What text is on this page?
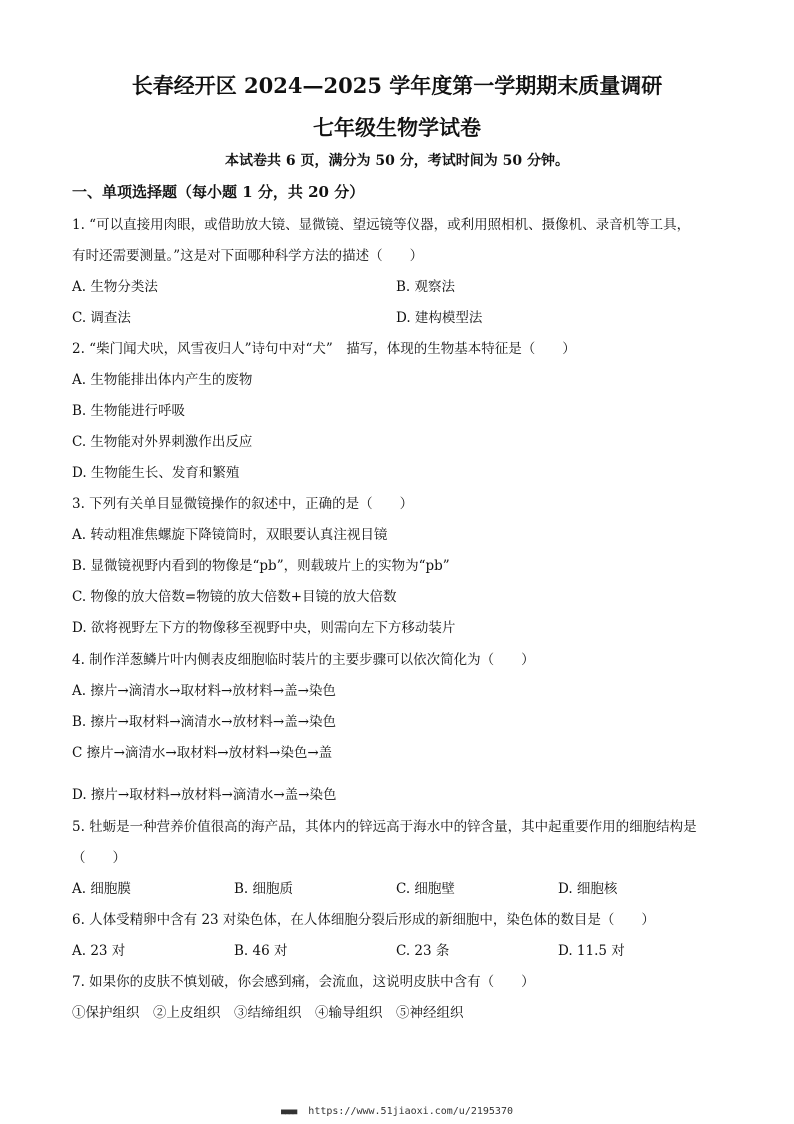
长春经开区 2024—2025 学年度第一学期期末质量调研
七年级生物学试卷
本试卷共 6 页，满分为 50 分，考试时间为 50 分钟。
一、单项选择题（每小题 1 分，共 20 分）
1. “可以直接用肉眼，或借助放大镜、显微镜、望远镜等仪器，或利用照相机、摄像机、录音机等工具，
有时还需要测量。”这是对下面哪种科学方法的描述（　　）
A. 生物分类法	B. 观察法
C. 调查法	D. 建构模型法
2. “柴门闻犬吠，风雪夜归人”诗句中对“犬”　描写，体现的生物基本特征是（　　）
A. 生物能排出体内产生的废物
B. 生物能进行呼吸
C. 生物能对外界刺激作出反应
D. 生物能生长、发育和繁殖
3. 下列有关单目显微镜操作的叙述中，正确的是（　　）
A. 转动粗准焦螺旋下降镜筒时，双眼要认真注视目镜
B. 显微镜视野内看到的物像是“pb”，则载玻片上的实物为“pb”
C. 物像的放大倍数=物镜的放大倍数+目镜的放大倍数
D. 欲将视野左下方的物像移至视野中央，则需向左下方移动装片
4. 制作洋葱鳞片叶内侧表皮细胞临时装片的主要步骤可以依次简化为（　　）
A. 擦片→滴清水→取材料→放材料→盖→染色
B. 擦片→取材料→滴清水→放材料→盖→染色
C 擦片→滴清水→取材料→放材料→染色→盖
D. 擦片→取材料→放材料→滴清水→盖→染色
5. 牡蛎是一种营养价值很高的海产品，其体内的锌远高于海水中的锌含量，其中起重要作用的细胞结构是
（　　）
A. 细胞膜	B. 细胞质	C. 细胞壁	D. 细胞核
6. 人体受精卵中含有 23 对染色体，在人体细胞分裂后形成的新细胞中，染色体的数目是（　　）
A. 23 对	B. 46 对	C. 23 条	D. 11.5 对
7. 如果你的皮肤不慎划破，你会感到痛，会流血，这说明皮肤中含有（　　）
①保护组织　②上皮组织　③结缔组织　④输导组织　⑤神经组织
■■■■ https://www.51jiaoxi.com/u/2195370
